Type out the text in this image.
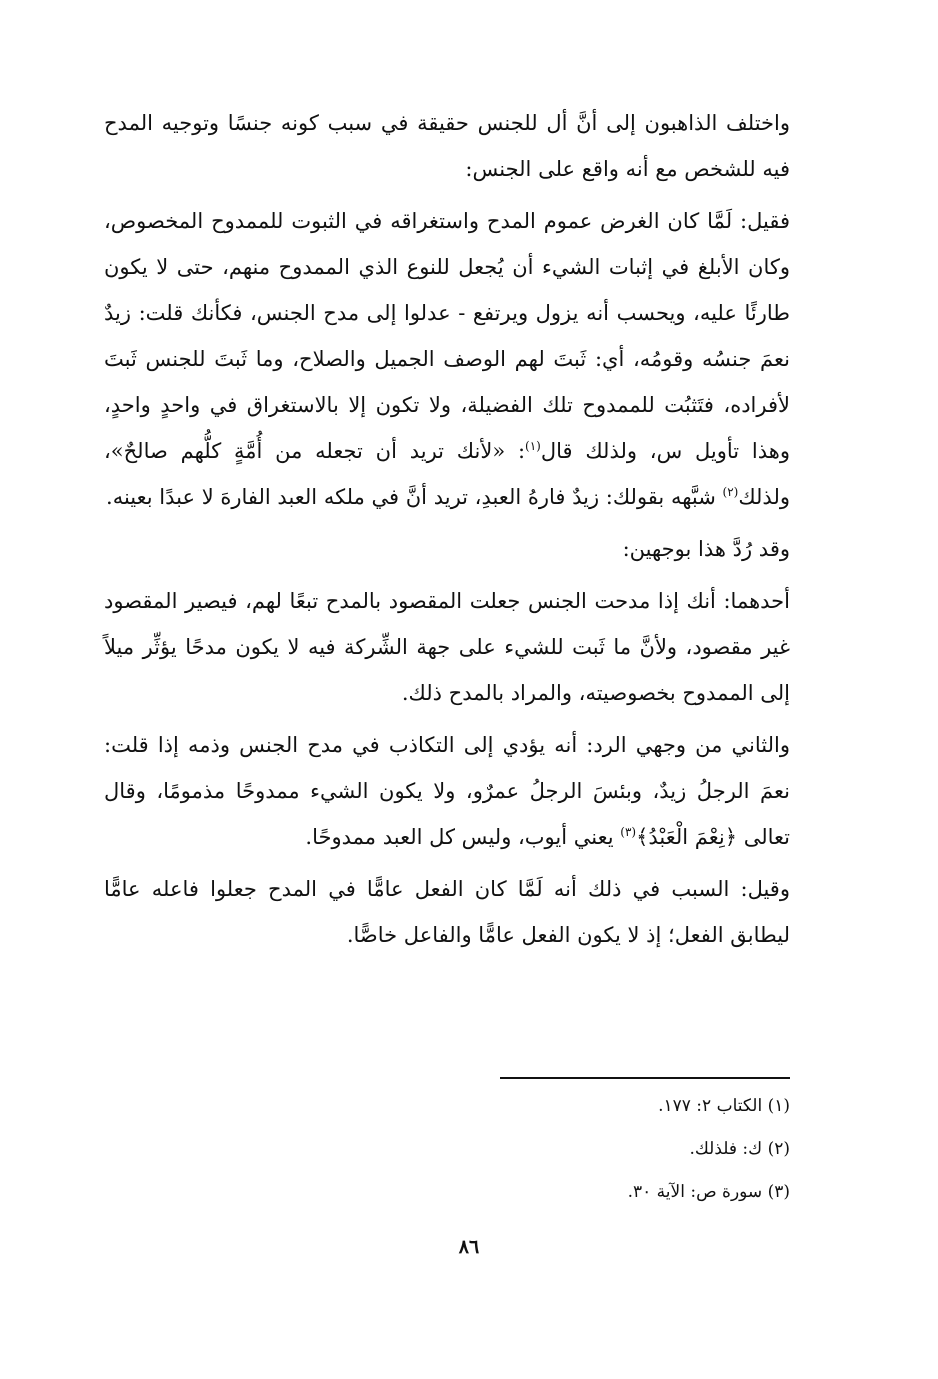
واختلف الذاهبون إلى أنَّ أل للجنس حقيقة في سبب كونه جنسًا وتوجيه المدح فيه للشخص مع أنه واقع على الجنس:

فقيل: لَمَّا كان الغرض عموم المدح واستغراقه في الثبوت للممدوح المخصوص، وكان الأبلغ في إثبات الشيء أن يُجعل للنوع الذي الممدوح منهم، حتى لا يكون طارئًا عليه، ويحسب أنه يزول ويرتفع - عدلوا إلى مدح الجنس، فكأنك قلت: زيدٌ نعمَ جنسُه وقومُه، أي: ثَبتَ لهم الوصف الجميل والصلاح، وما ثَبتَ للجنس ثَبتَ لأفراده، فتَثبُت للممدوح تلك الفضيلة، ولا تكون إلا بالاستغراق في واحدٍ واحدٍ، وهذا تأويل س، ولذلك قال$^{(١)}$: «لأنك تريد أن تجعله من أُمَّةٍ كلُّهم صالحٌ»، ولذلك$^{(٢)}$ شبَّهه بقولك: زيدٌ فارهُ العبدِ، تريد أنَّ في ملكه العبد الفارهَ لا عبدًا بعينه.

وقد رُدَّ هذا بوجهين:

أحدهما: أنك إذا مدحت الجنس جعلت المقصود بالمدح تبعًا لهم، فيصير المقصود غير مقصود، ولأنَّ ما ثَبت للشيء على جهة الشِّركة فيه لا يكون مدحًا يؤثِّر ميلاً إلى الممدوح بخصوصيته، والمراد بالمدح ذلك.

والثاني من وجهي الرد: أنه يؤدي إلى التكاذب في مدح الجنس وذمه إذا قلت: نعمَ الرجلُ زيدٌ، وبئسَ الرجلُ عمرٌو، ولا يكون الشيء ممدوحًا مذمومًا، وقال تعالى ﴿نِعْمَ الْعَبْدُ﴾$^{(٣)}$ يعني أيوب، وليس كل العبد ممدوحًا.

وقيل: السبب في ذلك أنه لَمَّا كان الفعل عامًّا في المدح جعلوا فاعله عامًّا ليطابق الفعل؛ إذ لا يكون الفعل عامًّا والفاعل خاصًّا.

(١) الكتاب ٢: ١٧٧.
(٢) ك: فلذلك.
(٣) سورة ص: الآية ٣٠.
٨٦
